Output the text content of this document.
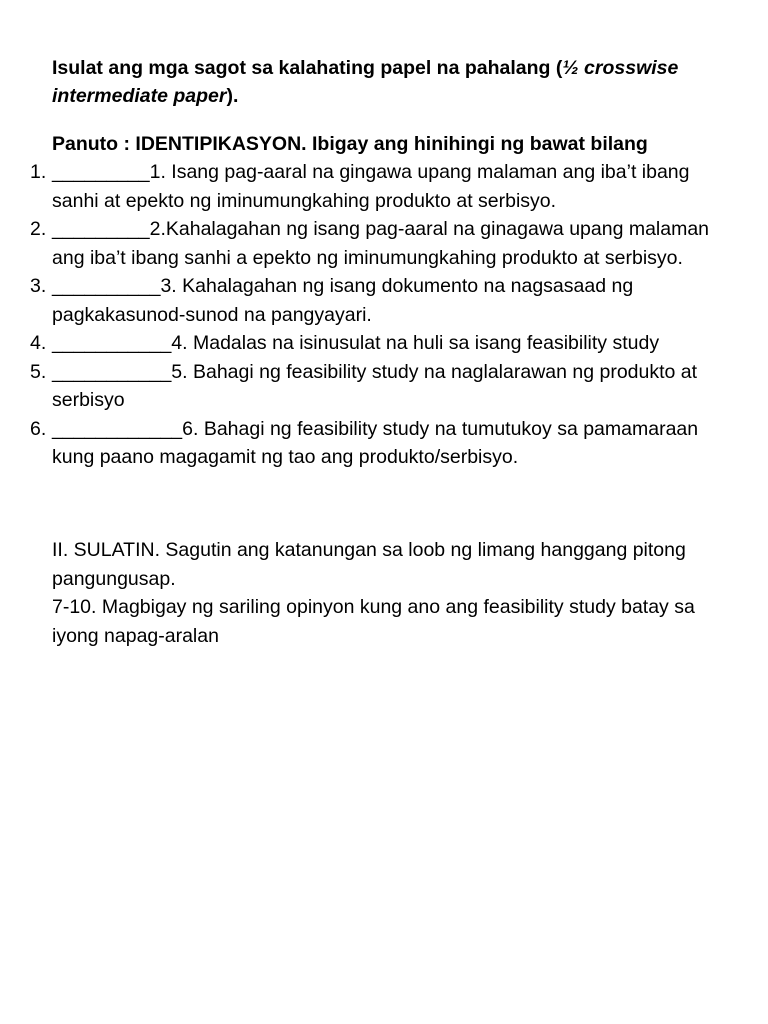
Isulat ang mga sagot sa kalahating papel na pahalang (½ crosswise intermediate paper).
Panuto : IDENTIPIKASYON. Ibigay ang hinihingi ng bawat bilang
1. _________1. Isang pag-aaral na gingawa upang malaman ang iba’t ibang sanhi at epekto ng iminumungkahing produkto at serbisyo.
2. _________2.Kahalagahan ng isang pag-aaral na ginagawa upang malaman ang iba’t ibang sanhi a epekto ng iminumungkahing produkto at serbisyo.
3. __________3. Kahalagahan ng isang dokumento na nagsasaad ng pagkakasunod-sunod na pangyayari.
4. ___________4. Madalas na isinusulat na huli sa isang feasibility study
5. ___________5. Bahagi ng feasibility study na naglalarawan ng produkto at serbisyo
6. ____________6. Bahagi ng feasibility study na tumutukoy sa pamamaraan kung paano magagamit ng tao ang produkto/serbisyo.
II. SULATIN. Sagutin ang katanungan sa loob ng limang hanggang pitong pangungusap.
7-10. Magbigay ng sariling opinyon kung ano ang feasibility study batay sa iyong napag-aralan
